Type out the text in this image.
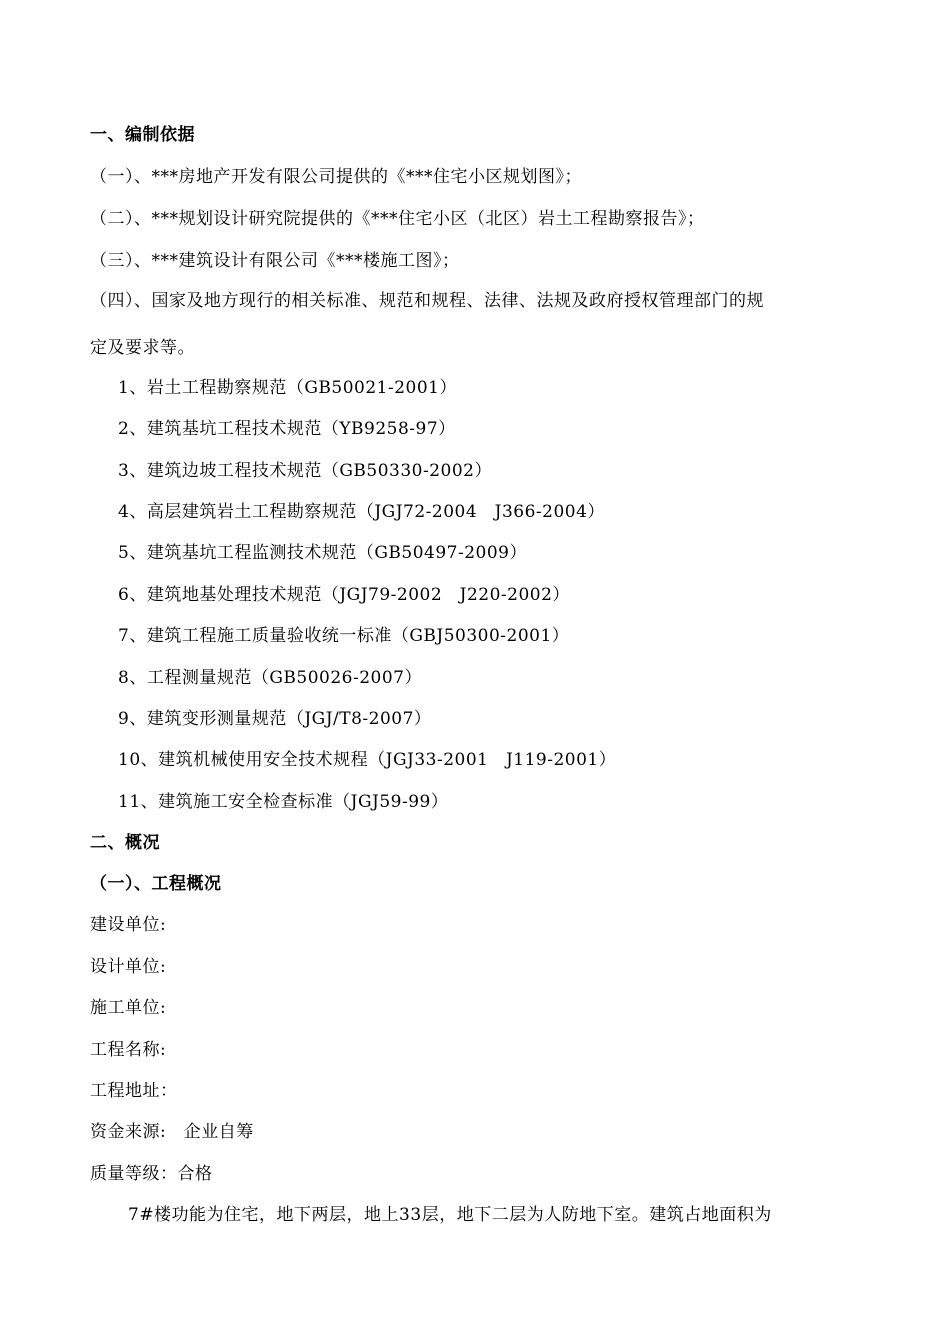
一、编制依据
（一）、***房地产开发有限公司提供的《***住宅小区规划图》；
（二）、***规划设计研究院提供的《***住宅小区（北区）岩土工程勘察报告》；
（三）、***建筑设计有限公司《***楼施工图》；
（四）、国家及地方现行的相关标准、规范和规程、法律、法规及政府授权管理部门的规
定及要求等。
1、岩土工程勘察规范（GB50021-2001）
2、建筑基坑工程技术规范（YB9258-97）
3、建筑边坡工程技术规范（GB50330-2002）
4、高层建筑岩土工程勘察规范（JGJ72-2004　J366-2004）
5、建筑基坑工程监测技术规范（GB50497-2009）
6、建筑地基处理技术规范（JGJ79-2002　J220-2002）
7、建筑工程施工质量验收统一标准（GBJ50300-2001）
8、工程测量规范（GB50026-2007）
9、建筑变形测量规范（JGJ/T8-2007）
10、建筑机械使用安全技术规程（JGJ33-2001　J119-2001）
11、建筑施工安全检查标准（JGJ59-99）
二、概况
（一）、工程概况
建设单位:
设计单位:
施工单位:
工程名称:
工程地址：
资金来源:　企业自筹
质量等级：合格
7#楼功能为住宅，地下两层，地上33层，地下二层为人防地下室。建筑占地面积为
